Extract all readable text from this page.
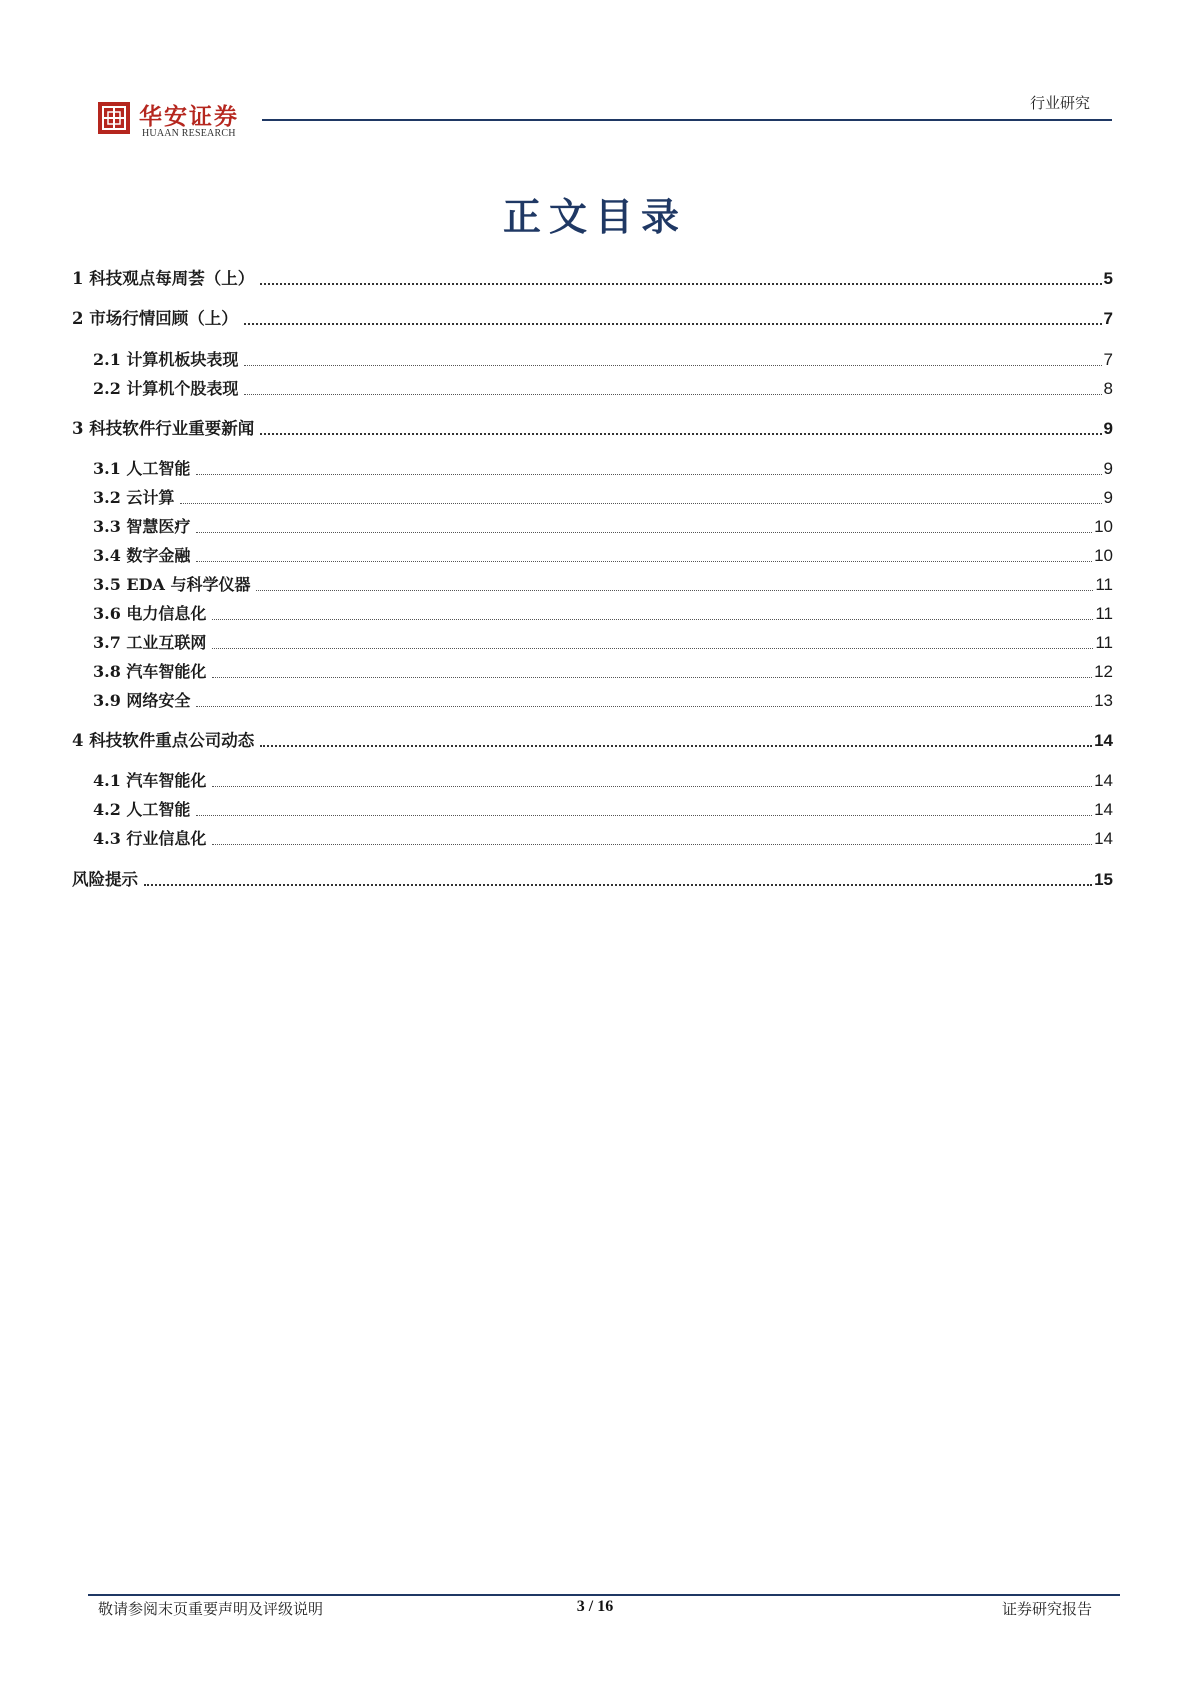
华安证券
HUAAN RESEARCH
行业研究
正文目录
1 科技观点每周荟（上）	5
2 市场行情回顾（上）	7
2.1 计算机板块表现	7
2.2 计算机个股表现	8
3 科技软件行业重要新闻	9
3.1 人工智能	9
3.2 云计算	9
3.3 智慧医疗	10
3.4 数字金融	10
3.5 EDA 与科学仪器	11
3.6 电力信息化	11
3.7 工业互联网	11
3.8 汽车智能化	12
3.9 网络安全	13
4 科技软件重点公司动态	14
4.1 汽车智能化	14
4.2 人工智能	14
4.3 行业信息化	14
风险提示	15
敬请参阅末页重要声明及评级说明	3 / 16	证券研究报告
